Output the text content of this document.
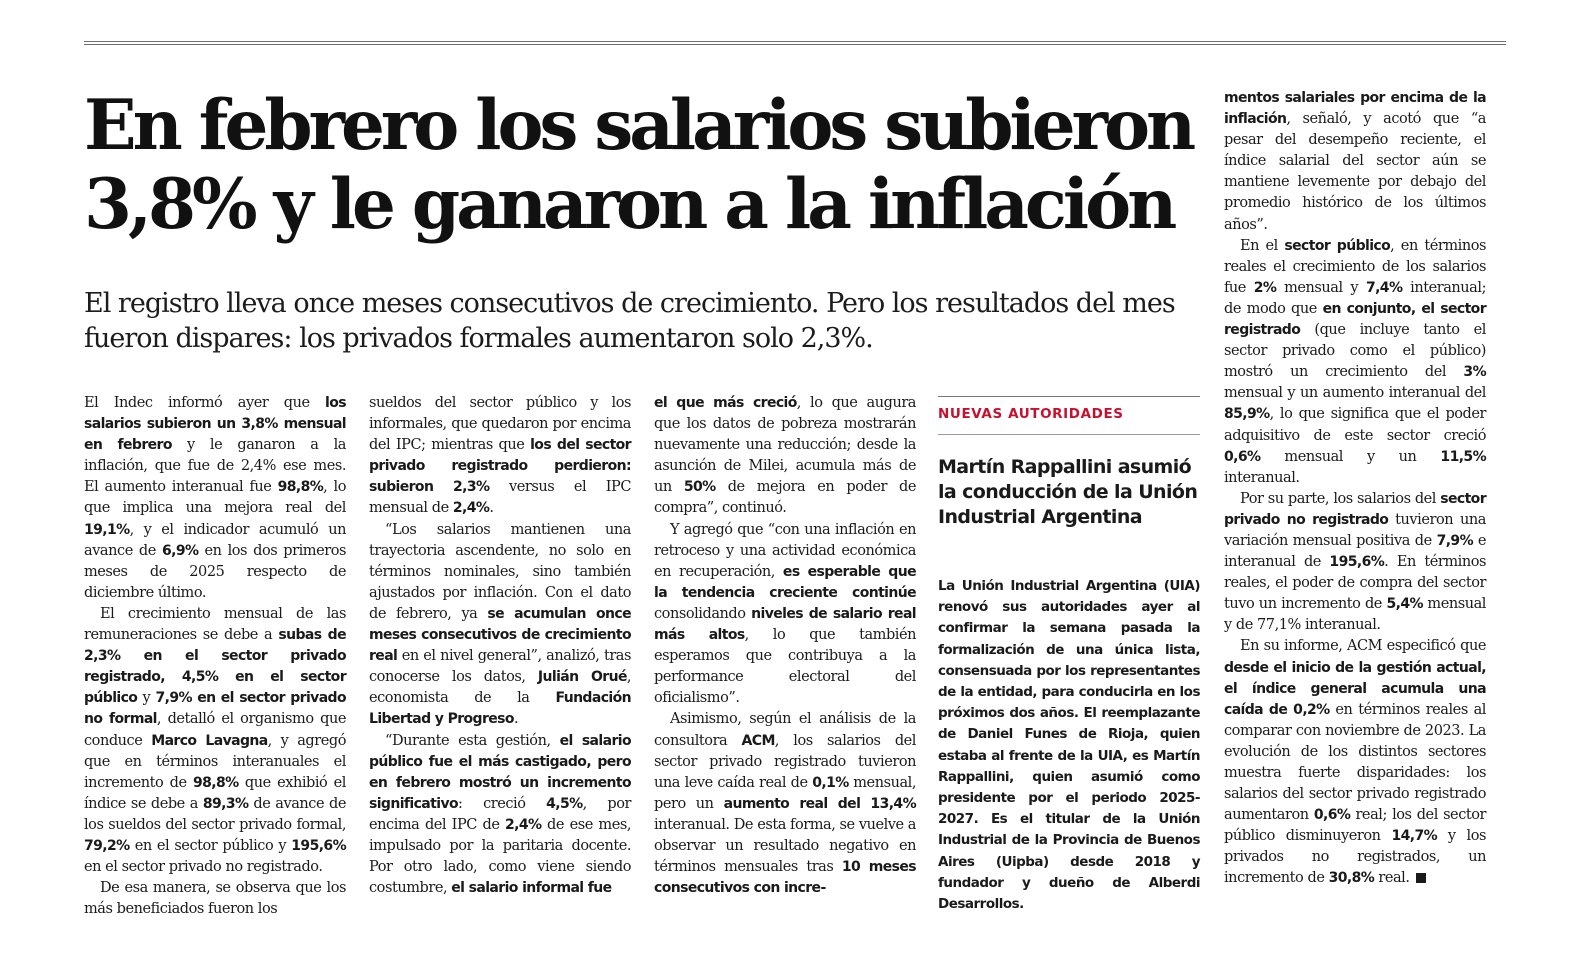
En febrero los salarios subieron 3,8% y le ganaron a la inflación
El registro lleva once meses consecutivos de crecimiento. Pero los resultados del mes fueron dispares: los privados formales aumentaron solo 2,3%.

El Indec informó ayer que los salarios subieron un 3,8% mensual en febrero y le ganaron a la inflación, que fue de 2,4% ese mes. El aumento interanual fue 98,8%, lo que implica una mejora real del 19,1%, y el indicador acumuló un avance de 6,9% en los dos primeros meses de 2025 respecto de diciembre último.

El crecimiento mensual de las remuneraciones se debe a subas de 2,3% en el sector privado registrado, 4,5% en el sector público y 7,9% en el sector privado no formal, detalló el organismo que conduce Marco Lavagna, y agregó que en términos interanuales el incremento de 98,8% que exhibió el índice se debe a 89,3% de avance de los sueldos del sector privado formal, 79,2% en el sector público y 195,6% en el sector privado no registrado.

De esa manera, se observa que los más beneficiados fueron los

sueldos del sector público y los informales, que quedaron por encima del IPC; mientras que los del sector privado registrado perdieron: subieron 2,3% versus el IPC mensual de 2,4%.

“Los salarios mantienen una trayectoria ascendente, no solo en términos nominales, sino también ajustados por inflación. Con el dato de febrero, ya se acumulan once meses consecutivos de crecimiento real en el nivel general”, analizó, tras conocerse los datos, Julián Orué, economista de la Fundación Libertad y Progreso.

“Durante esta gestión, el salario público fue el más castigado, pero en febrero mostró un incremento significativo: creció 4,5%, por encima del IPC de 2,4% de ese mes, impulsado por la paritaria docente. Por otro lado, como viene siendo costumbre, el salario informal fue

el que más creció, lo que augura que los datos de pobreza mostrarán nuevamente una reducción; desde la asunción de Milei, acumula más de un 50% de mejora en poder de compra”, continuó.

Y agregó que “con una inflación en retroceso y una actividad económica en recuperación, es esperable que la tendencia creciente continúe consolidando niveles de salario real más altos, lo que también esperamos que contribuya a la performance electoral del oficialismo”.

Asimismo, según el análisis de la consultora ACM, los salarios del sector privado registrado tuvieron una leve caída real de 0,1% mensual, pero un aumento real del 13,4% interanual. De esta forma, se vuelve a observar un resultado negativo en términos mensuales tras 10 meses consecutivos con incre-

NUEVAS AUTORIDADES
Martín Rappallini asumió la conducción de la Unión Industrial Argentina
La Unión Industrial Argentina (UIA) renovó sus autoridades ayer al confirmar la semana pasada la formalización de una única lista, consensuada por los representantes de la entidad, para conducirla en los próximos dos años. El reemplazante de Daniel Funes de Rioja, quien estaba al frente de la UIA, es Martín Rappallini, quien asumió como presidente por el periodo 2025-2027. Es el titular de la Unión Industrial de la Provincia de Buenos Aires (Uipba) desde 2018 y fundador y dueño de Alberdi Desarrollos.

mentos salariales por encima de la inflación, señaló, y acotó que “a pesar del desempeño reciente, el índice salarial del sector aún se mantiene levemente por debajo del promedio histórico de los últimos años”.

En el sector público, en términos reales el crecimiento de los salarios fue 2% mensual y 7,4% interanual; de modo que en conjunto, el sector registrado (que incluye tanto el sector privado como el público) mostró un crecimiento del 3% mensual y un aumento interanual del 85,9%, lo que significa que el poder adquisitivo de este sector creció 0,6% mensual y un 11,5% interanual.

Por su parte, los salarios del sector privado no registrado tuvieron una variación mensual positiva de 7,9% e interanual de 195,6%. En términos reales, el poder de compra del sector tuvo un incremento de 5,4% mensual y de 77,1% interanual.

En su informe, ACM especificó que desde el inicio de la gestión actual, el índice general acumula una caída de 0,2% en términos reales al comparar con noviembre de 2023. La evolución de los distintos sectores muestra fuerte disparidades: los salarios del sector privado registrado aumentaron 0,6% real; los del sector público disminuyeron 14,7% y los privados no registrados, un incremento de 30,8% real.
